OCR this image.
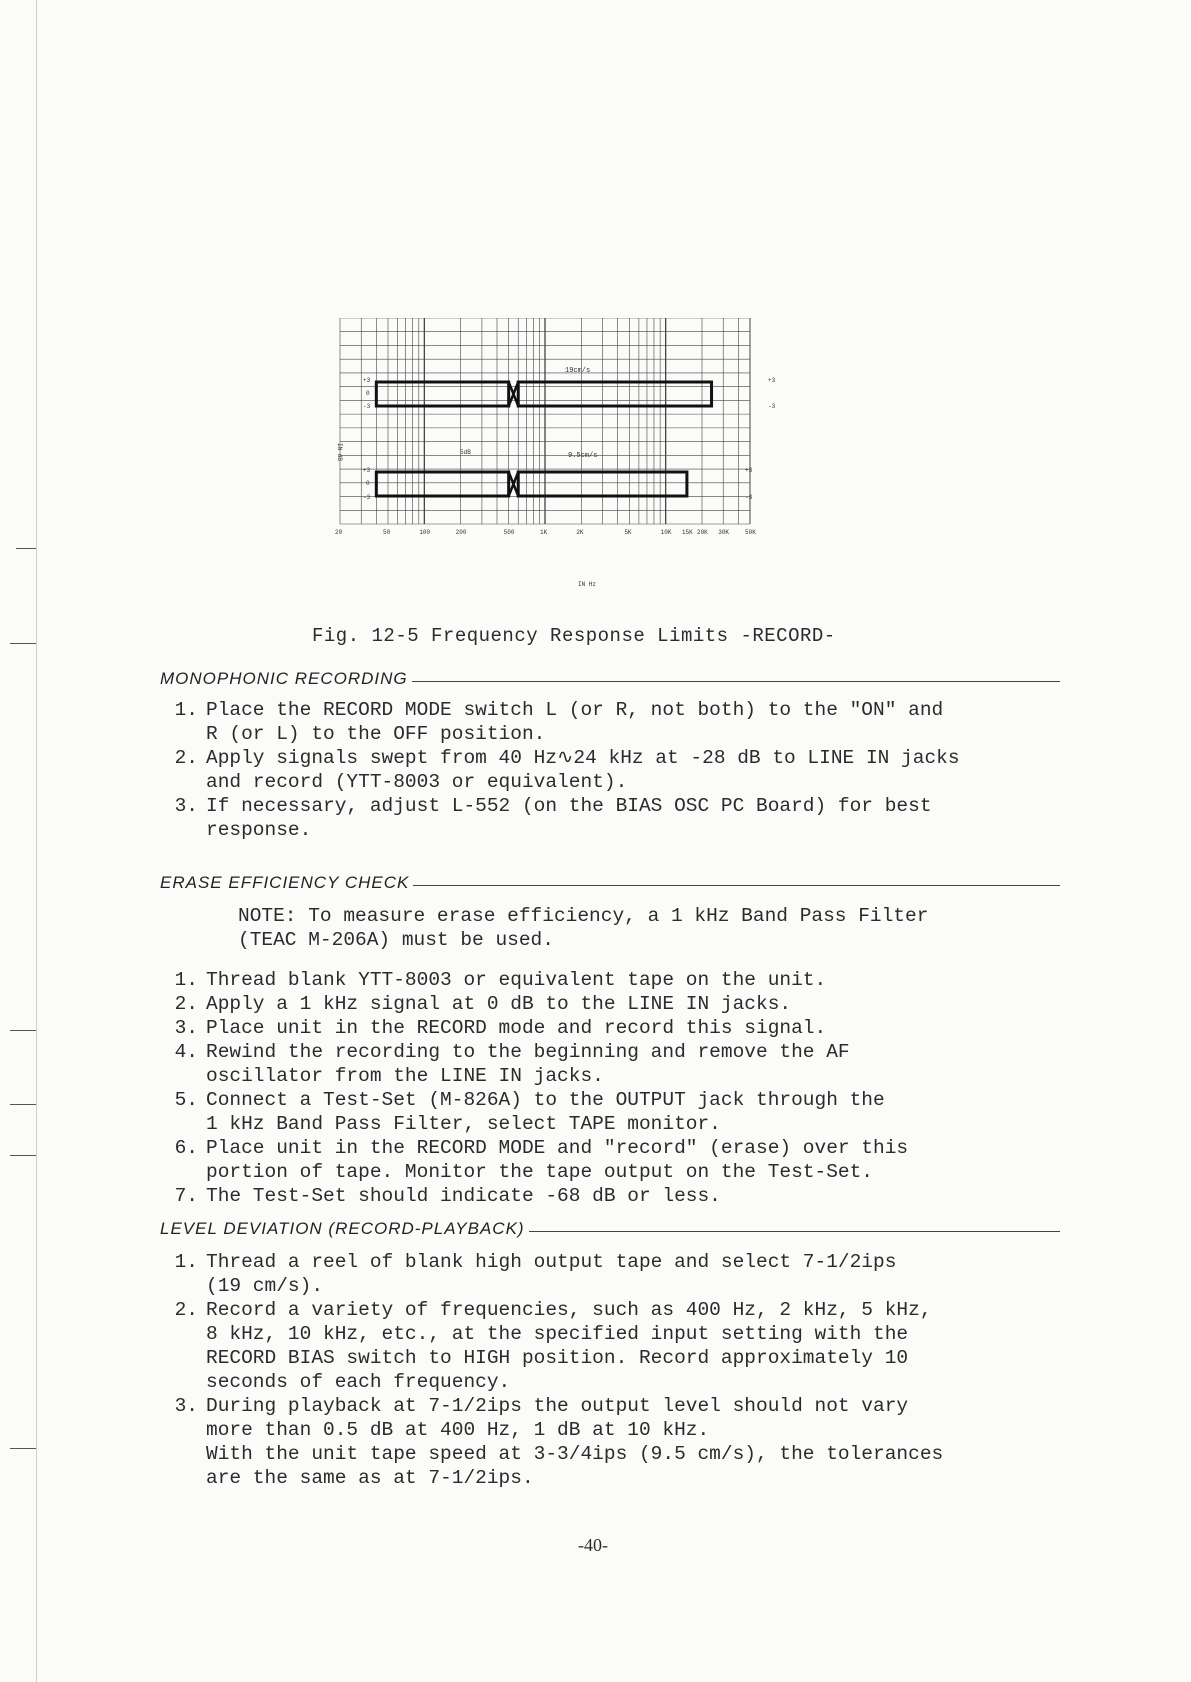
IN dB
IN Hz
19cm/s
9.5cm/s
5dB
+3
0
-3
+3
0
-3
+3
-3
+3
-3
20	50	100	200	500	1K	2K	5K	10K 15K 20K 30K	50K
Fig. 12-5 Frequency Response Limits -RECORD-
MONOPHONIC RECORDING
1. Place the RECORD MODE switch L (or R, not both) to the "ON" and
R (or L) to the OFF position.
2. Apply signals swept from 40 Hz∿24 kHz at -28 dB to LINE IN jacks
and record (YTT-8003 or equivalent).
3. If necessary, adjust L-552 (on the BIAS OSC PC Board) for best
response.
ERASE EFFICIENCY CHECK
NOTE: To measure erase efficiency, a 1 kHz Band Pass Filter
(TEAC M-206A) must be used.
1. Thread blank YTT-8003 or equivalent tape on the unit.
2. Apply a 1 kHz signal at 0 dB to the LINE IN jacks.
3. Place unit in the RECORD mode and record this signal.
4. Rewind the recording to the beginning and remove the AF
oscillator from the LINE IN jacks.
5. Connect a Test-Set (M-826A) to the OUTPUT jack through the
1 kHz Band Pass Filter, select TAPE monitor.
6. Place unit in the RECORD MODE and "record" (erase) over this
portion of tape. Monitor the tape output on the Test-Set.
7. The Test-Set should indicate -68 dB or less.
LEVEL DEVIATION (RECORD-PLAYBACK)
1. Thread a reel of blank high output tape and select 7-1/2ips
(19 cm/s).
2. Record a variety of frequencies, such as 400 Hz, 2 kHz, 5 kHz,
8 kHz, 10 kHz, etc., at the specified input setting with the
RECORD BIAS switch to HIGH position. Record approximately 10
seconds of each frequency.
3. During playback at 7-1/2ips the output level should not vary
more than 0.5 dB at 400 Hz, 1 dB at 10 kHz.
With the unit tape speed at 3-3/4ips (9.5 cm/s), the tolerances
are the same as at 7-1/2ips.
-40-
